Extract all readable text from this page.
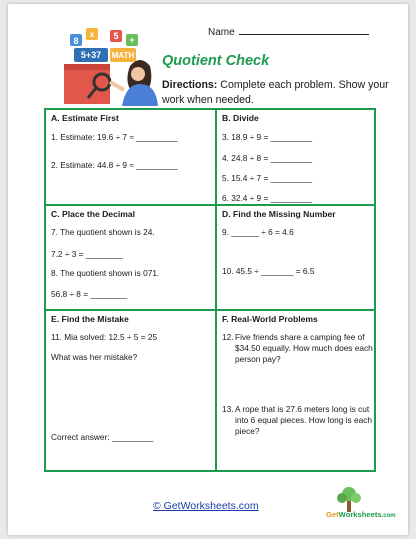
Name
8
x 5 +
5+37 MATH Quotient Check
Directions: Complete each problem. Show your work when needed.
A. Estimate First
1. Estimate: 19.6 ÷ 7 ≈ _________
2. Estimate: 44.8 ÷ 9 ≈ _________
B. Divide
3. 18.9 ÷ 9 = _________
4. 24.8 ÷ 8 = _________
5. 15.4 ÷ 7 = _________
6. 32.4 ÷ 9 = _________
C. Place the Decimal
7. The quotient shown is 24.
7.2 ÷ 3 = ________
8. The quotient shown is 071.
56.8 ÷ 8 = ________
D. Find the Missing Number
9. ______ ÷ 6 = 4.6
10. 45.5 ÷ _______ = 6.5
E. Find the Mistake
11. Mia solved: 12.5 ÷ 5 = 25
What was her mistake?
Correct answer: _________
F. Real-World Problems
12. Five friends share a camping fee of $34.50 equally. How much does each person pay?
13. A rope that is 27.6 meters long is cut into 6 equal pieces. How long is each piece?
© GetWorksheets.com
GetWorksheets.com
